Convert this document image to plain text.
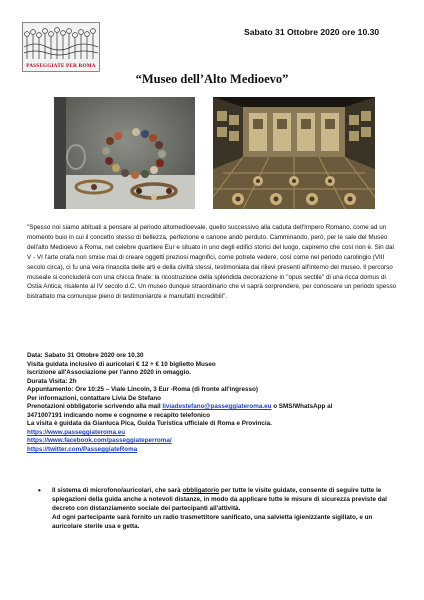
PASSEGGIATE PER ROMA
Sabato 31 Ottobre 2020 ore 10.30
“Museo dell’Alto Medioevo”

"Spesso noi siamo abituati a pensare al periodo altomedioevale, quello successivo alla caduta dell'Impero Romano, come ad un momento buio in cui il concetto stesso di bellezza, perfezione e canone andò perduto. Camminando, però, per le sale del Museo dell'alto Medioevo a Roma, nel celebre quartiere Eur e situato in uno degli edifici storici del luogo, capiremo che così non è. Sin dal V - VI l'arte orafa non smise mai di creare oggetti preziosi magnifici, come potrete vedere, così come nel periodo carolingio (VIII secolo circa), ci fu una vera rinascita delle arti e della civiltà stessi, testimoniata dai rilievi presenti all'interno del museo. Il percorso museale si concluderà con una chicca finale: la ricostruzione della splendida decorazione in "opus sectile" di una ricca domus di Ostia Antica, risalente al IV secolo d.C. Un museo dunque straordinario che vi saprà sorprendere, per conoscere un periodo spesso bistrattato ma comunque pieno di testimonianze e manufatti incredibili".

Data: Sabato 31 Ottobre 2020 ore 10.30
Visita guidata inclusivo di auricolari € 12 + € 10 biglietto Museo
Iscrizione all'Associazione per l'anno 2020 in omaggio.
Durata Visita: 2h
Appuntamento: Ore 10:25 – Viale Lincoln, 3 Eur -Roma (di fronte all'ingresso)
Per informazioni, contattare Livia De Stefano
Prenotazioni obbligatorie scrivendo alla mail liviadestefano@passeggiateroma.eu o SMS/WhatsApp al
3471007191 indicando nome e cognome e recapito telefonico
La visita è guidata da Gianluca Pica, Guida Turistica ufficiale di Roma e Provincia.
https://www.passeggiateroma.eu
https://www.facebook.com/passeggiateperroma/
https://twitter.com/PasseggiateRoma
• Il sistema di microfono/auricolari, che sarà obbligatorio per tutte le visite guidate, consente di seguire tutte le spiegazioni della guida anche a notevoli distanze, in modo da applicare tutte le misure di sicurezza previste dal decreto con distanziamento sociale dei partecipanti all'attività.
Ad ogni partecipante sarà fornito un radio trasmettitore sanificato, una salvietta igienizzante sigillato, e un auricolare sterile usa e getta.
